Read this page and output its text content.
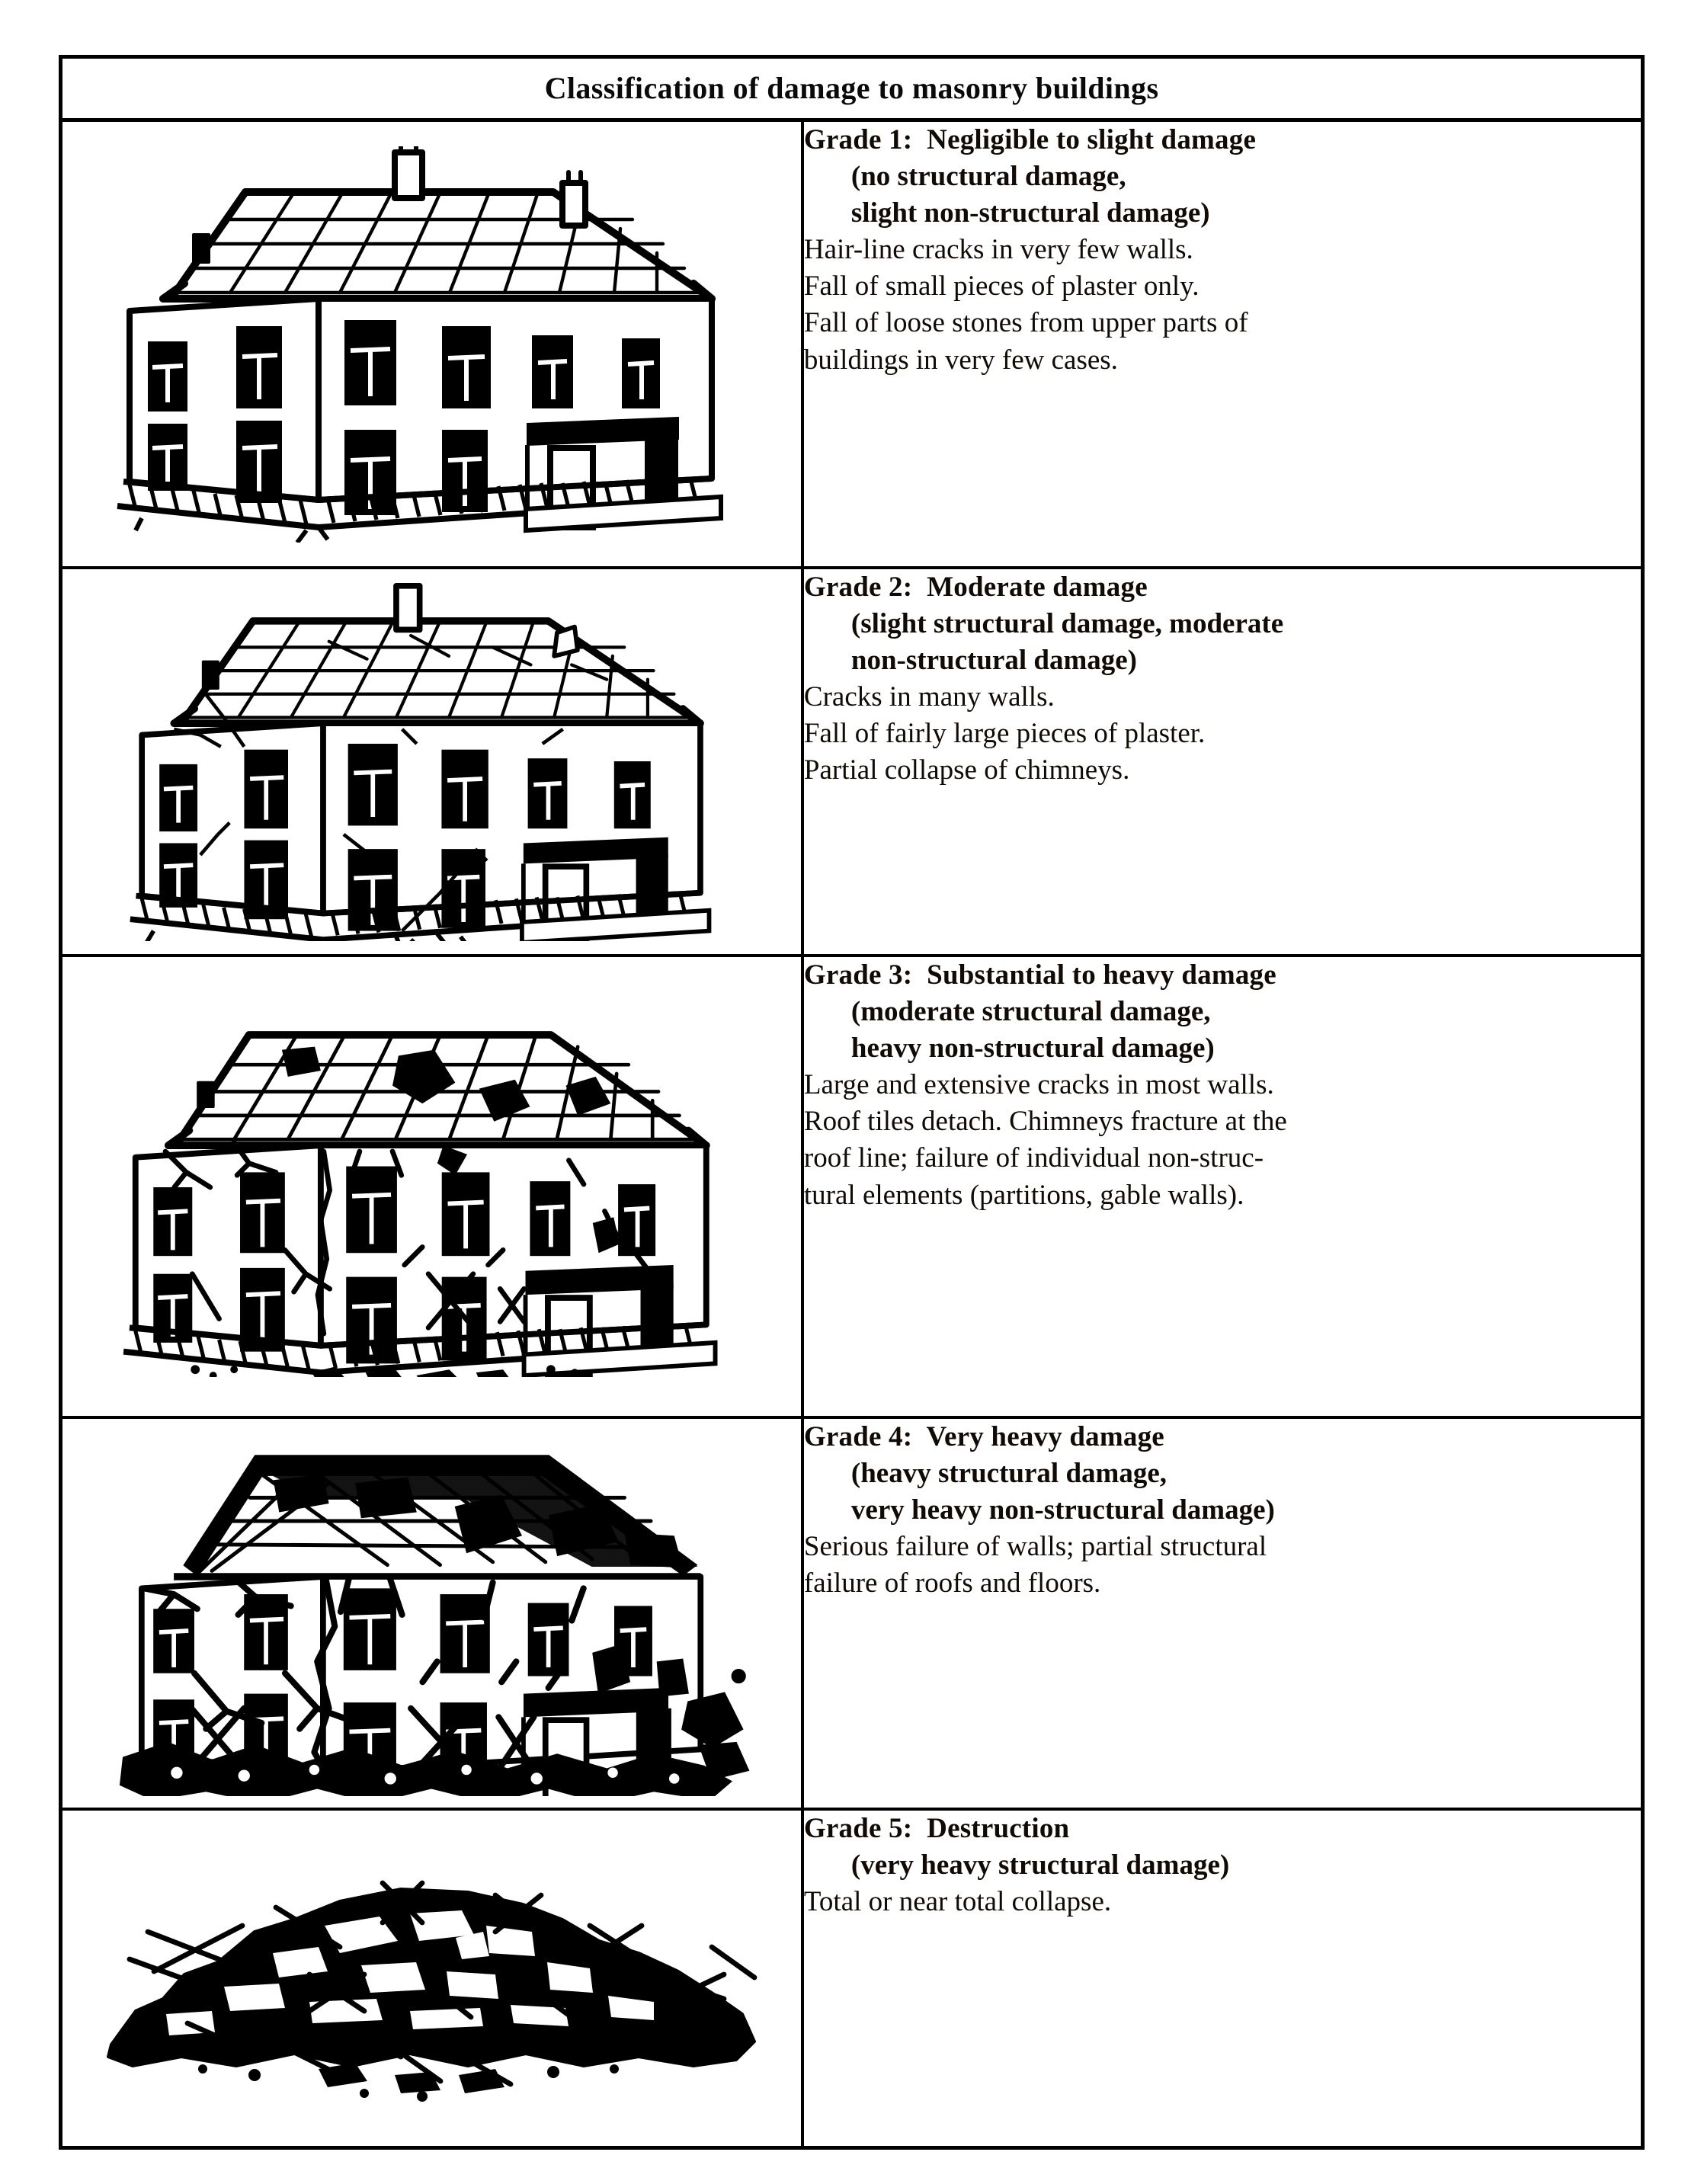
Classification of damage to masonry buildings	

Grade 1:  Negligible to slight damage
(no structural damage,
slight non-structural damage)
Hair-line cracks in very few walls.
Fall of small pieces of plaster only.
Fall of loose stones from upper parts of
buildings in very few cases.

Grade 2:  Moderate damage
(slight structural damage, moderate
non-structural damage)
Cracks in many walls.
Fall of fairly large pieces of plaster.
Partial collapse of chimneys.

Grade 3:  Substantial to heavy damage
(moderate structural damage,
heavy non-structural damage)
Large and extensive cracks in most walls.
Roof tiles detach. Chimneys fracture at the
roof line; failure of individual non-struc-
tural elements (partitions, gable walls).

Grade 4:  Very heavy damage
(heavy structural damage,
very heavy non-structural damage)
Serious failure of walls; partial structural
failure of roofs and floors.

Grade 5:  Destruction
(very heavy structural damage)
Total or near total collapse.
